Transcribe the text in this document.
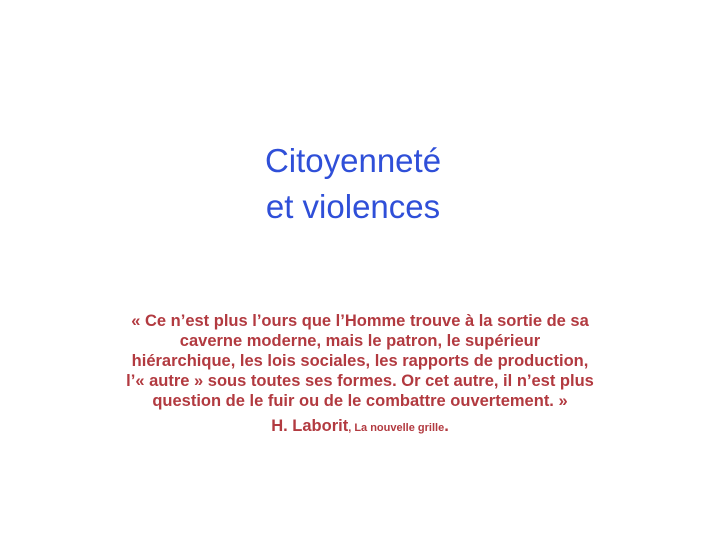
Citoyenneté
et violences
« Ce n’est plus l’ours que l’Homme trouve à la sortie de sa
caverne moderne, mais le patron, le supérieur
hiérarchique, les lois sociales, les rapports de production,
l’« autre » sous toutes ses formes. Or cet autre, il n’est plus
question de le fuir ou de le combattre ouvertement. »
H. Laborit, La nouvelle grille.
